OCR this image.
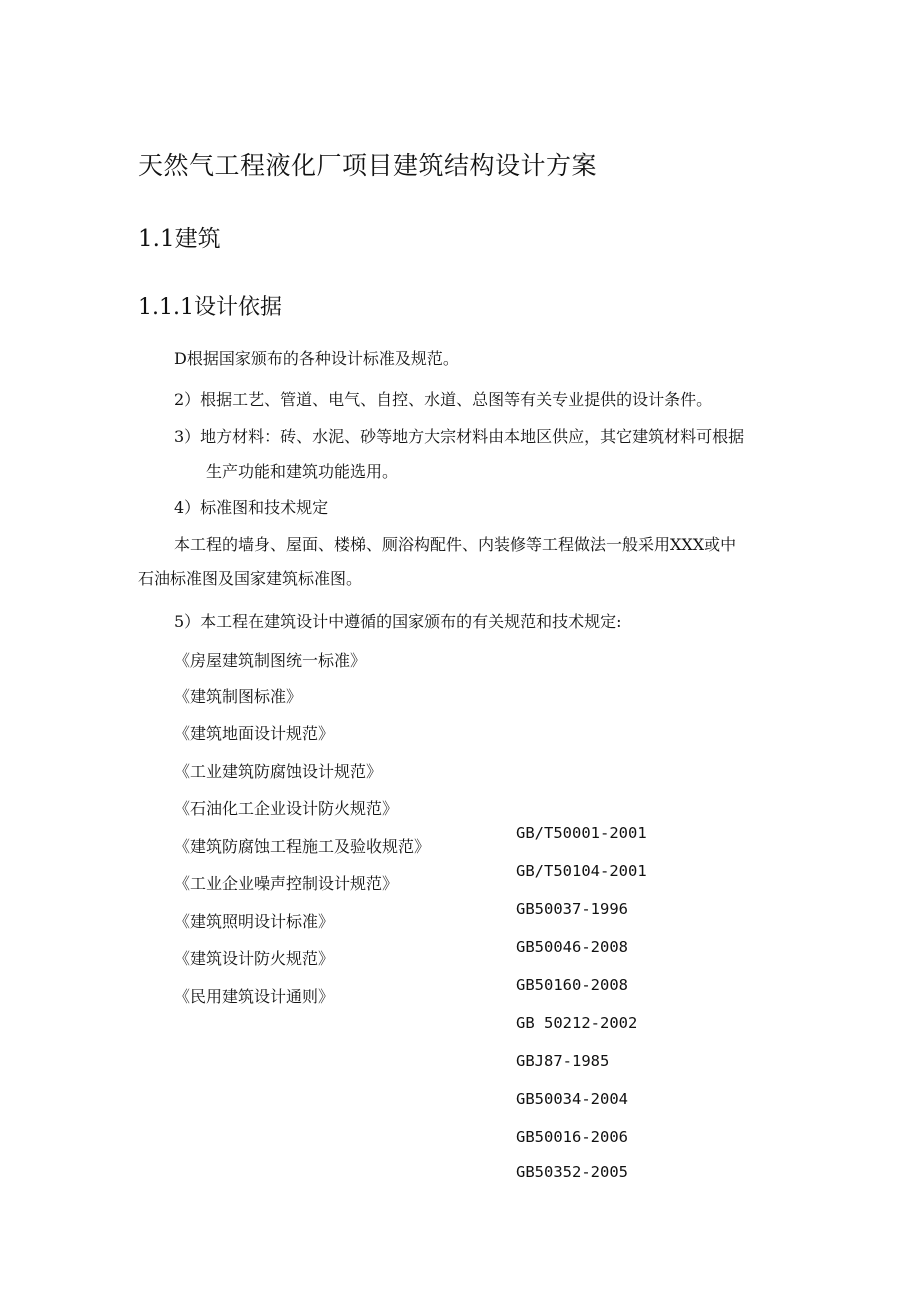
天然气工程液化厂项目建筑结构设计方案
1.1建筑
1.1.1设计依据
D根据国家颁布的各种设计标准及规范。
2）根据工艺、管道、电气、自控、水道、总图等有关专业提供的设计条件。
3）地方材料：砖、水泥、砂等地方大宗材料由本地区供应，其它建筑材料可根据
生产功能和建筑功能选用。
4）标准图和技术规定
本工程的墙身、屋面、楼梯、厕浴构配件、内装修等工程做法一般采用XXX或中
石油标准图及国家建筑标准图。
5）本工程在建筑设计中遵循的国家颁布的有关规范和技术规定:
《房屋建筑制图统一标准》
《建筑制图标准》
《建筑地面设计规范》
《工业建筑防腐蚀设计规范》
《石油化工企业设计防火规范》
《建筑防腐蚀工程施工及验收规范》
《工业企业噪声控制设计规范》
《建筑照明设计标准》
《建筑设计防火规范》
《民用建筑设计通则》
GB/T50001-2001
GB/T50104-2001
GB50037-1996
GB50046-2008
GB50160-2008
GB 50212-2002
GBJ87-1985
GB50034-2004
GB50016-2006
GB50352-2005
